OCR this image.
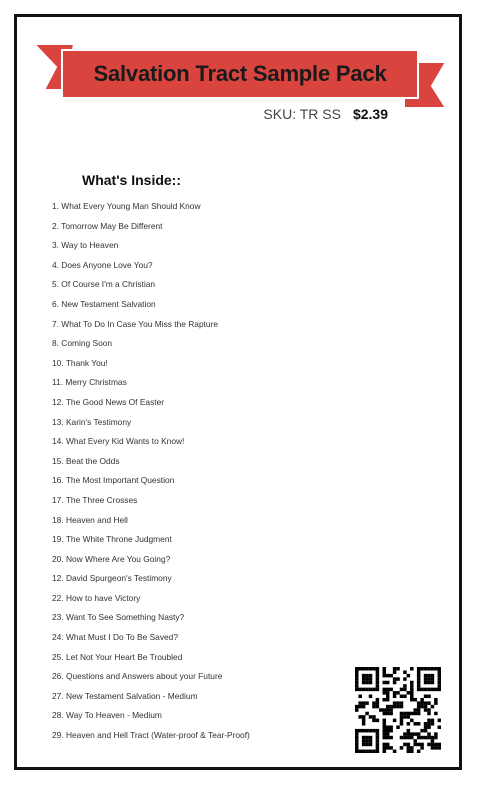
Salvation Tract Sample Pack
SKU: TR SS $2.39
What's Inside::
1. What Every Young Man Should Know
2. Tomorrow May Be Different
3. Way to Heaven
4. Does Anyone Love You?
5. Of Course I'm a Christian
6. New Testament Salvation
7. What To Do In Case You Miss the Rapture
8. Coming Soon
10. Thank You!
11. Merry Christmas
12. The Good News Of Easter
13. Karin's Testimony
14. What Every Kid Wants to Know!
15. Beat the Odds
16. The Most Important Question
17. The Three Crosses
18. Heaven and Hell
19. The White Throne Judgment
20. Now Where Are You Going?
12. David Spurgeon's Testimony
22. How to have Victory
23. Want To See Something Nasty?
24. What Must I Do To Be Saved?
25. Let Not Your Heart Be Troubled
26. Questions and Answers about your Future
27. New Testament Salvation - Medium
28. Way To Heaven - Medium
29. Heaven and Hell Tract (Water-proof & Tear-Proof)
